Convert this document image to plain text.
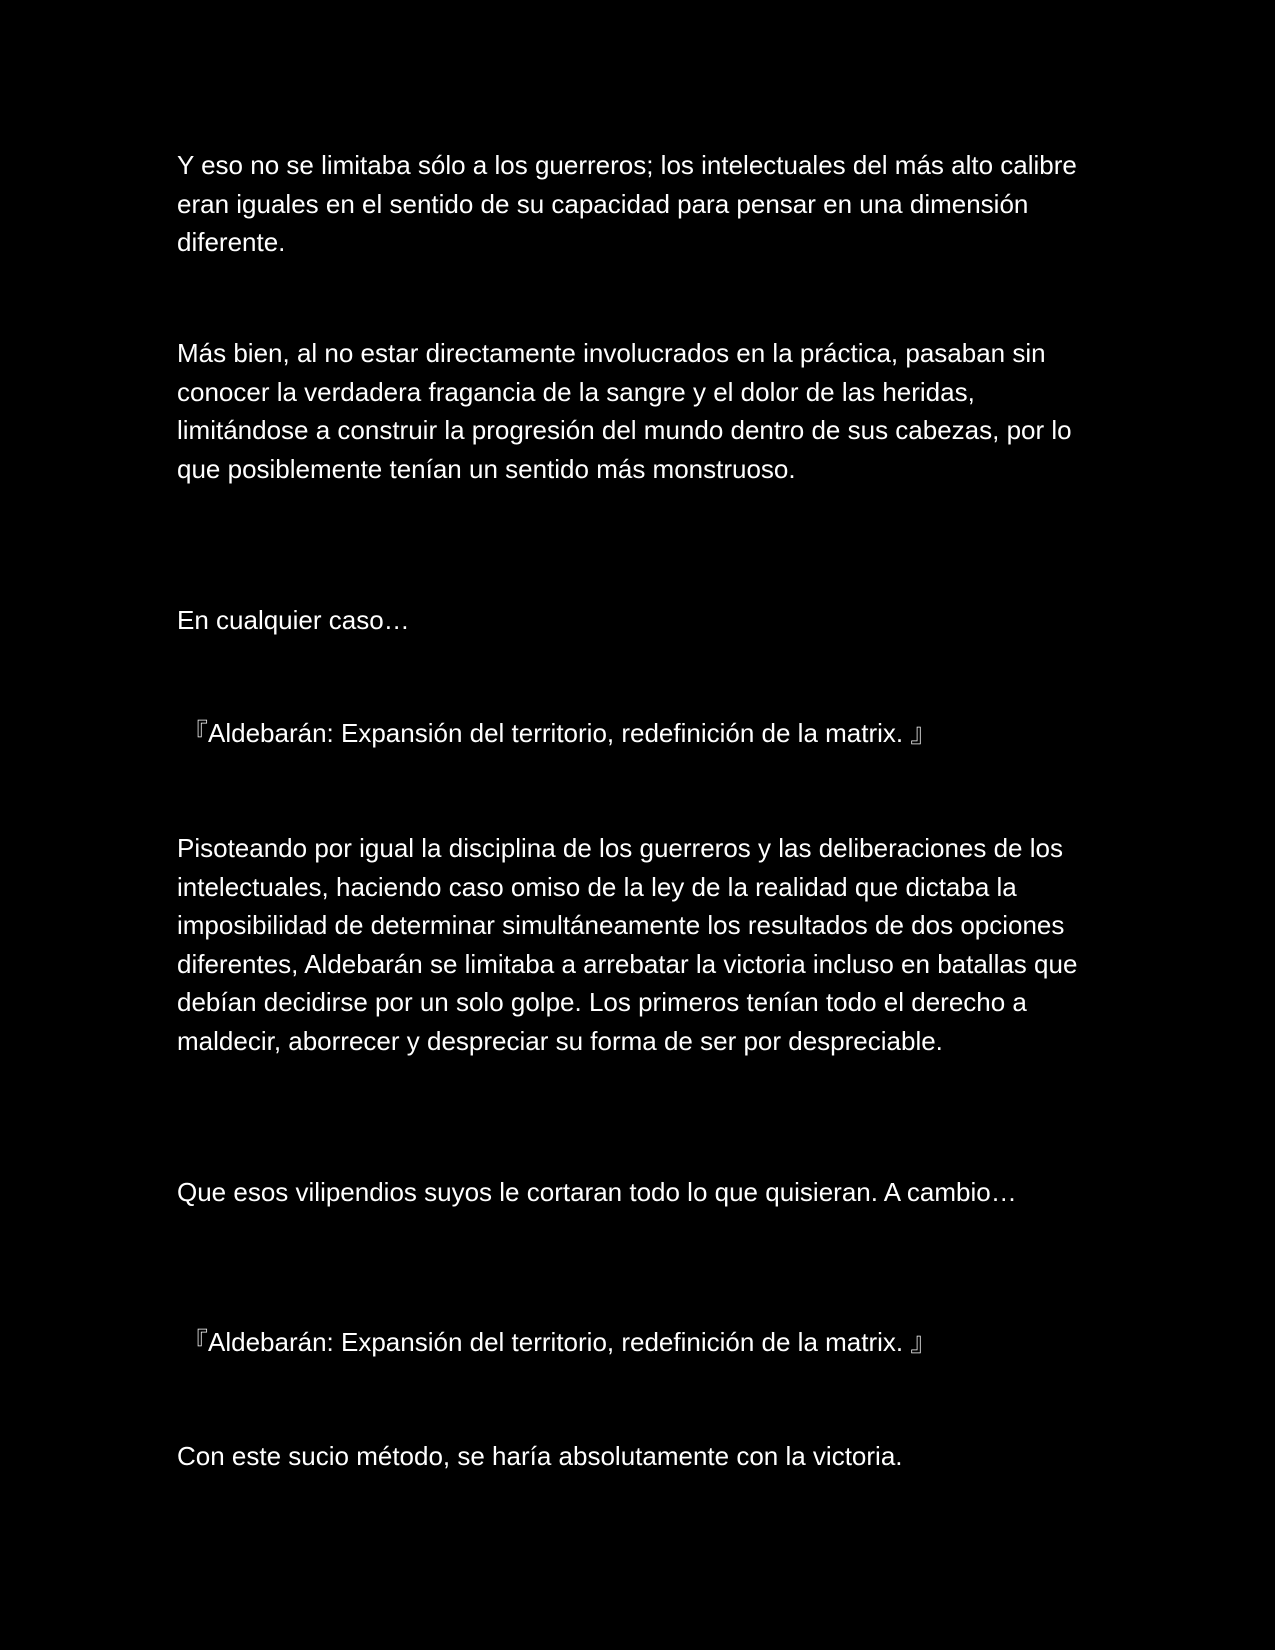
Y eso no se limitaba sólo a los guerreros; los intelectuales del más alto calibre eran iguales en el sentido de su capacidad para pensar en una dimensión diferente.

Más bien, al no estar directamente involucrados en la práctica, pasaban sin conocer la verdadera fragancia de la sangre y el dolor de las heridas, limitándose a construir la progresión del mundo dentro de sus cabezas, por lo que posiblemente tenían un sentido más monstruoso.

En cualquier caso…

『Aldebarán: Expansión del territorio, redefinición de la matrix. 』

Pisoteando por igual la disciplina de los guerreros y las deliberaciones de los intelectuales, haciendo caso omiso de la ley de la realidad que dictaba la imposibilidad de determinar simultáneamente los resultados de dos opciones diferentes, Aldebarán se limitaba a arrebatar la victoria incluso en batallas que debían decidirse por un solo golpe. Los primeros tenían todo el derecho a maldecir, aborrecer y despreciar su forma de ser por despreciable.

Que esos vilipendios suyos le cortaran todo lo que quisieran. A cambio…

『Aldebarán: Expansión del territorio, redefinición de la matrix. 』

Con este sucio método, se haría absolutamente con la victoria.
